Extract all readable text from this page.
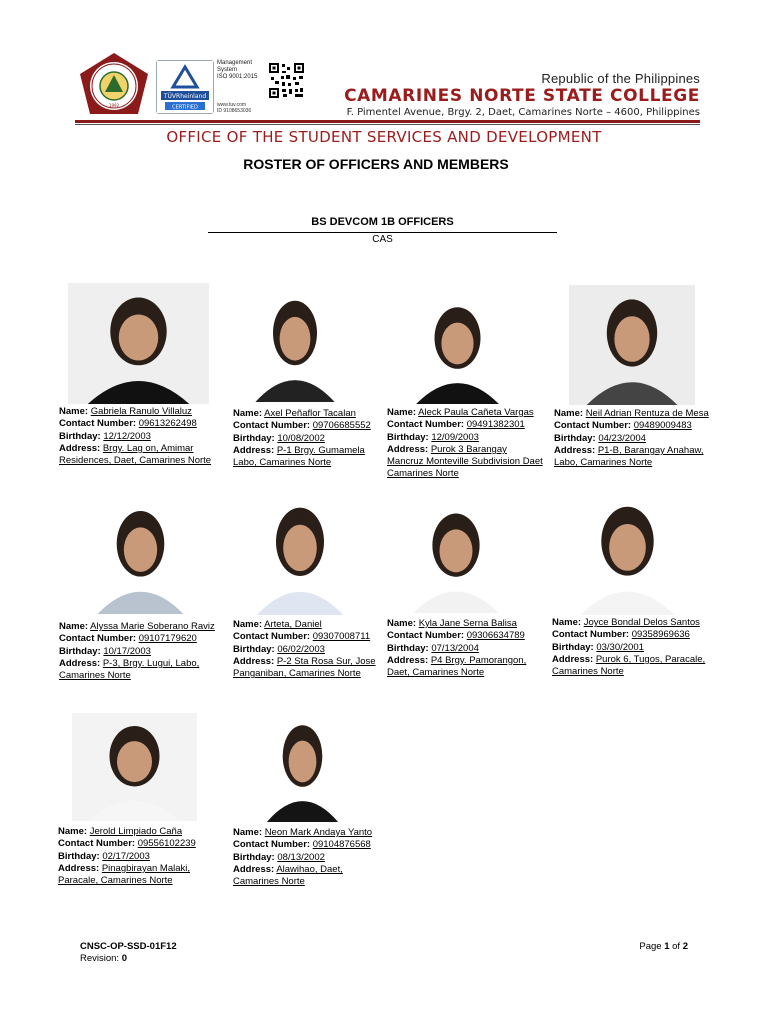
1992
TÜVRheinland
CERTIFIED
Management System
ISO 9001:2015
www.tuv.com
ID 9108653036
Republic of the Philippines
CAMARINES NORTE STATE COLLEGE
F. Pimentel Avenue, Brgy. 2, Daet, Camarines Norte – 4600, Philippines
OFFICE OF THE STUDENT SERVICES AND DEVELOPMENT
ROSTER OF OFFICERS AND MEMBERS
BS DEVCOM 1B OFFICERS
CAS
Name: Gabriela Ranulo Villaluz
Contact Number: 09613262498
Birthday: 12/12/2003
Address: Brgy. Lag on, Amimar Residences, Daet, Camarines Norte
Name: Axel Peñaflor Tacalan
Contact Number: 09706685552
Birthday: 10/08/2002
Address: P-1 Brgy. Gumamela Labo, Camarines Norte
Name: Aleck Paula Cañeta Vargas
Contact Number: 09491382301
Birthday: 12/09/2003
Address: Purok 3 Barangay Mancruz Monteville Subdivision Daet Camarines Norte
Name: Neil Adrian Rentuza de Mesa
Contact Number: 09489009483
Birthday: 04/23/2004
Address: P1-B, Barangay Anahaw, Labo, Camarines Norte
Name: Alyssa Marie Soberano Raviz
Contact Number: 09107179620
Birthday: 10/17/2003
Address: P-3, Brgy. Lugui, Labo, Camarines Norte
Name: Arteta, Daniel
Contact Number: 09307008711
Birthday: 06/02/2003
Address: P-2 Sta Rosa Sur, Jose Panganiban, Camarines Norte
Name: Kyla Jane Serna Balisa
Contact Number: 09306634789
Birthday: 07/13/2004
Address: P4 Brgy. Pamorangon, Daet, Camarines Norte
Name: Joyce Bondal Delos Santos
Contact Number: 09358969636
Birthday: 03/30/2001
Address: Purok 6, Tugos, Paracale, Camarines Norte
Name: Jerold Limpiado Caña
Contact Number: 09556102239
Birthday: 02/17/2003
Address: Pinagbirayan Malaki, Paracale, Camarines Norte
Name: Neon Mark Andaya Yanto
Contact Number: 09104876568
Birthday: 08/13/2002
Address: Alawihao, Daet, Camarines Norte
CNSC-OP-SSD-01F12
Revision: 0
Page 1 of 2
